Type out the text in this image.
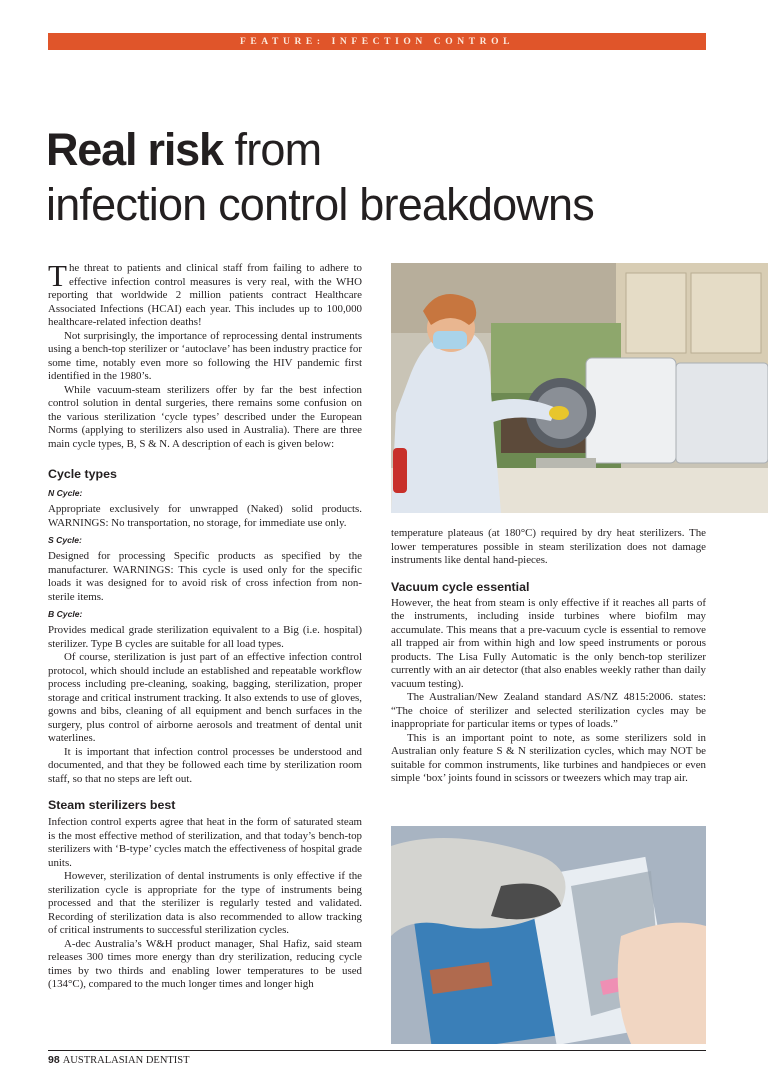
FEATURE: INFECTION CONTROL
Real risk from
infection control breakdowns

The threat to patients and clinical staff from failing to adhere to effective infection control measures is very real, with the WHO reporting that worldwide 2 million patients contract Healthcare Associated Infections (HCAI) each year. This includes up to 100,000 healthcare-related infection deaths!

Not surprisingly, the importance of reprocessing dental instruments using a bench-top sterilizer or ‘autoclave’ has been industry practice for some time, notably even more so following the HIV pandemic first identified in the 1980’s.

While vacuum-steam sterilizers offer by far the best infection control solution in dental surgeries, there remains some confusion on the various sterilization ‘cycle types’ described under the European Norms (applying to sterilizers also used in Australia). There are three main cycle types, B, S & N. A description of each is given below:

Cycle types
N Cycle:

Appropriate exclusively for unwrapped (Naked) solid products. WARNINGS: No transportation, no storage, for immediate use only.

S Cycle:

Designed for processing Specific products as specified by the manufacturer. WARNINGS: This cycle is used only for the specific loads it was designed for to avoid risk of cross infection from non-sterile items.

B Cycle:

Provides medical grade sterilization equivalent to a Big (i.e. hospital) sterilizer. Type B cycles are suitable for all load types.

Of course, sterilization is just part of an effective infection control protocol, which should include an established and repeatable workflow process including pre-cleaning, soaking, bagging, sterilization, proper storage and critical instrument tracking. It also extends to use of gloves, gowns and bibs, cleaning of all equipment and bench surfaces in the surgery, plus control of airborne aerosols and treatment of dental unit waterlines.

It is important that infection control processes be understood and documented, and that they be followed each time by sterilization room staff, so that no steps are left out.

Steam sterilizers best

Infection control experts agree that heat in the form of saturated steam is the most effective method of sterilization, and that today’s bench-top sterilizers with ‘B-type’ cycles match the effectiveness of hospital grade units.

However, sterilization of dental instruments is only effective if the sterilization cycle is appropriate for the type of instruments being processed and that the sterilizer is regularly tested and validated. Recording of sterilization data is also recommended to allow tracking of critical instruments to successful sterilization cycles.

A-dec Australia’s W&H product manager, Shal Hafiz, said steam releases 300 times more energy than dry sterilization, reducing cycle times by two thirds and enabling lower temperatures to be used (134°C), compared to the much longer times and longer high

temperature plateaus (at 180°C) required by dry heat sterilizers. The lower temperatures possible in steam sterilization does not damage instruments like dental hand-pieces.

Vacuum cycle essential

However, the heat from steam is only effective if it reaches all parts of the instruments, including inside turbines where biofilm may accumulate. This means that a pre-vacuum cycle is essential to remove all trapped air from within high and low speed instruments or porous products. The Lisa Fully Automatic is the only bench-top sterilizer currently with an air detector (that also enables weekly rather than daily vacuum testing).

The Australian/New Zealand standard AS/NZ 4815:2006. states: “The choice of sterilizer and selected sterilization cycles may be inappropriate for particular items or types of loads.”

This is an important point to note, as some sterilizers sold in Australian only feature S & N sterilization cycles, which may NOT be suitable for common instruments, like turbines and handpieces or even simple ‘box’ joints found in scissors or tweezers which may trap air.

98 AUSTRALASIAN DENTIST
